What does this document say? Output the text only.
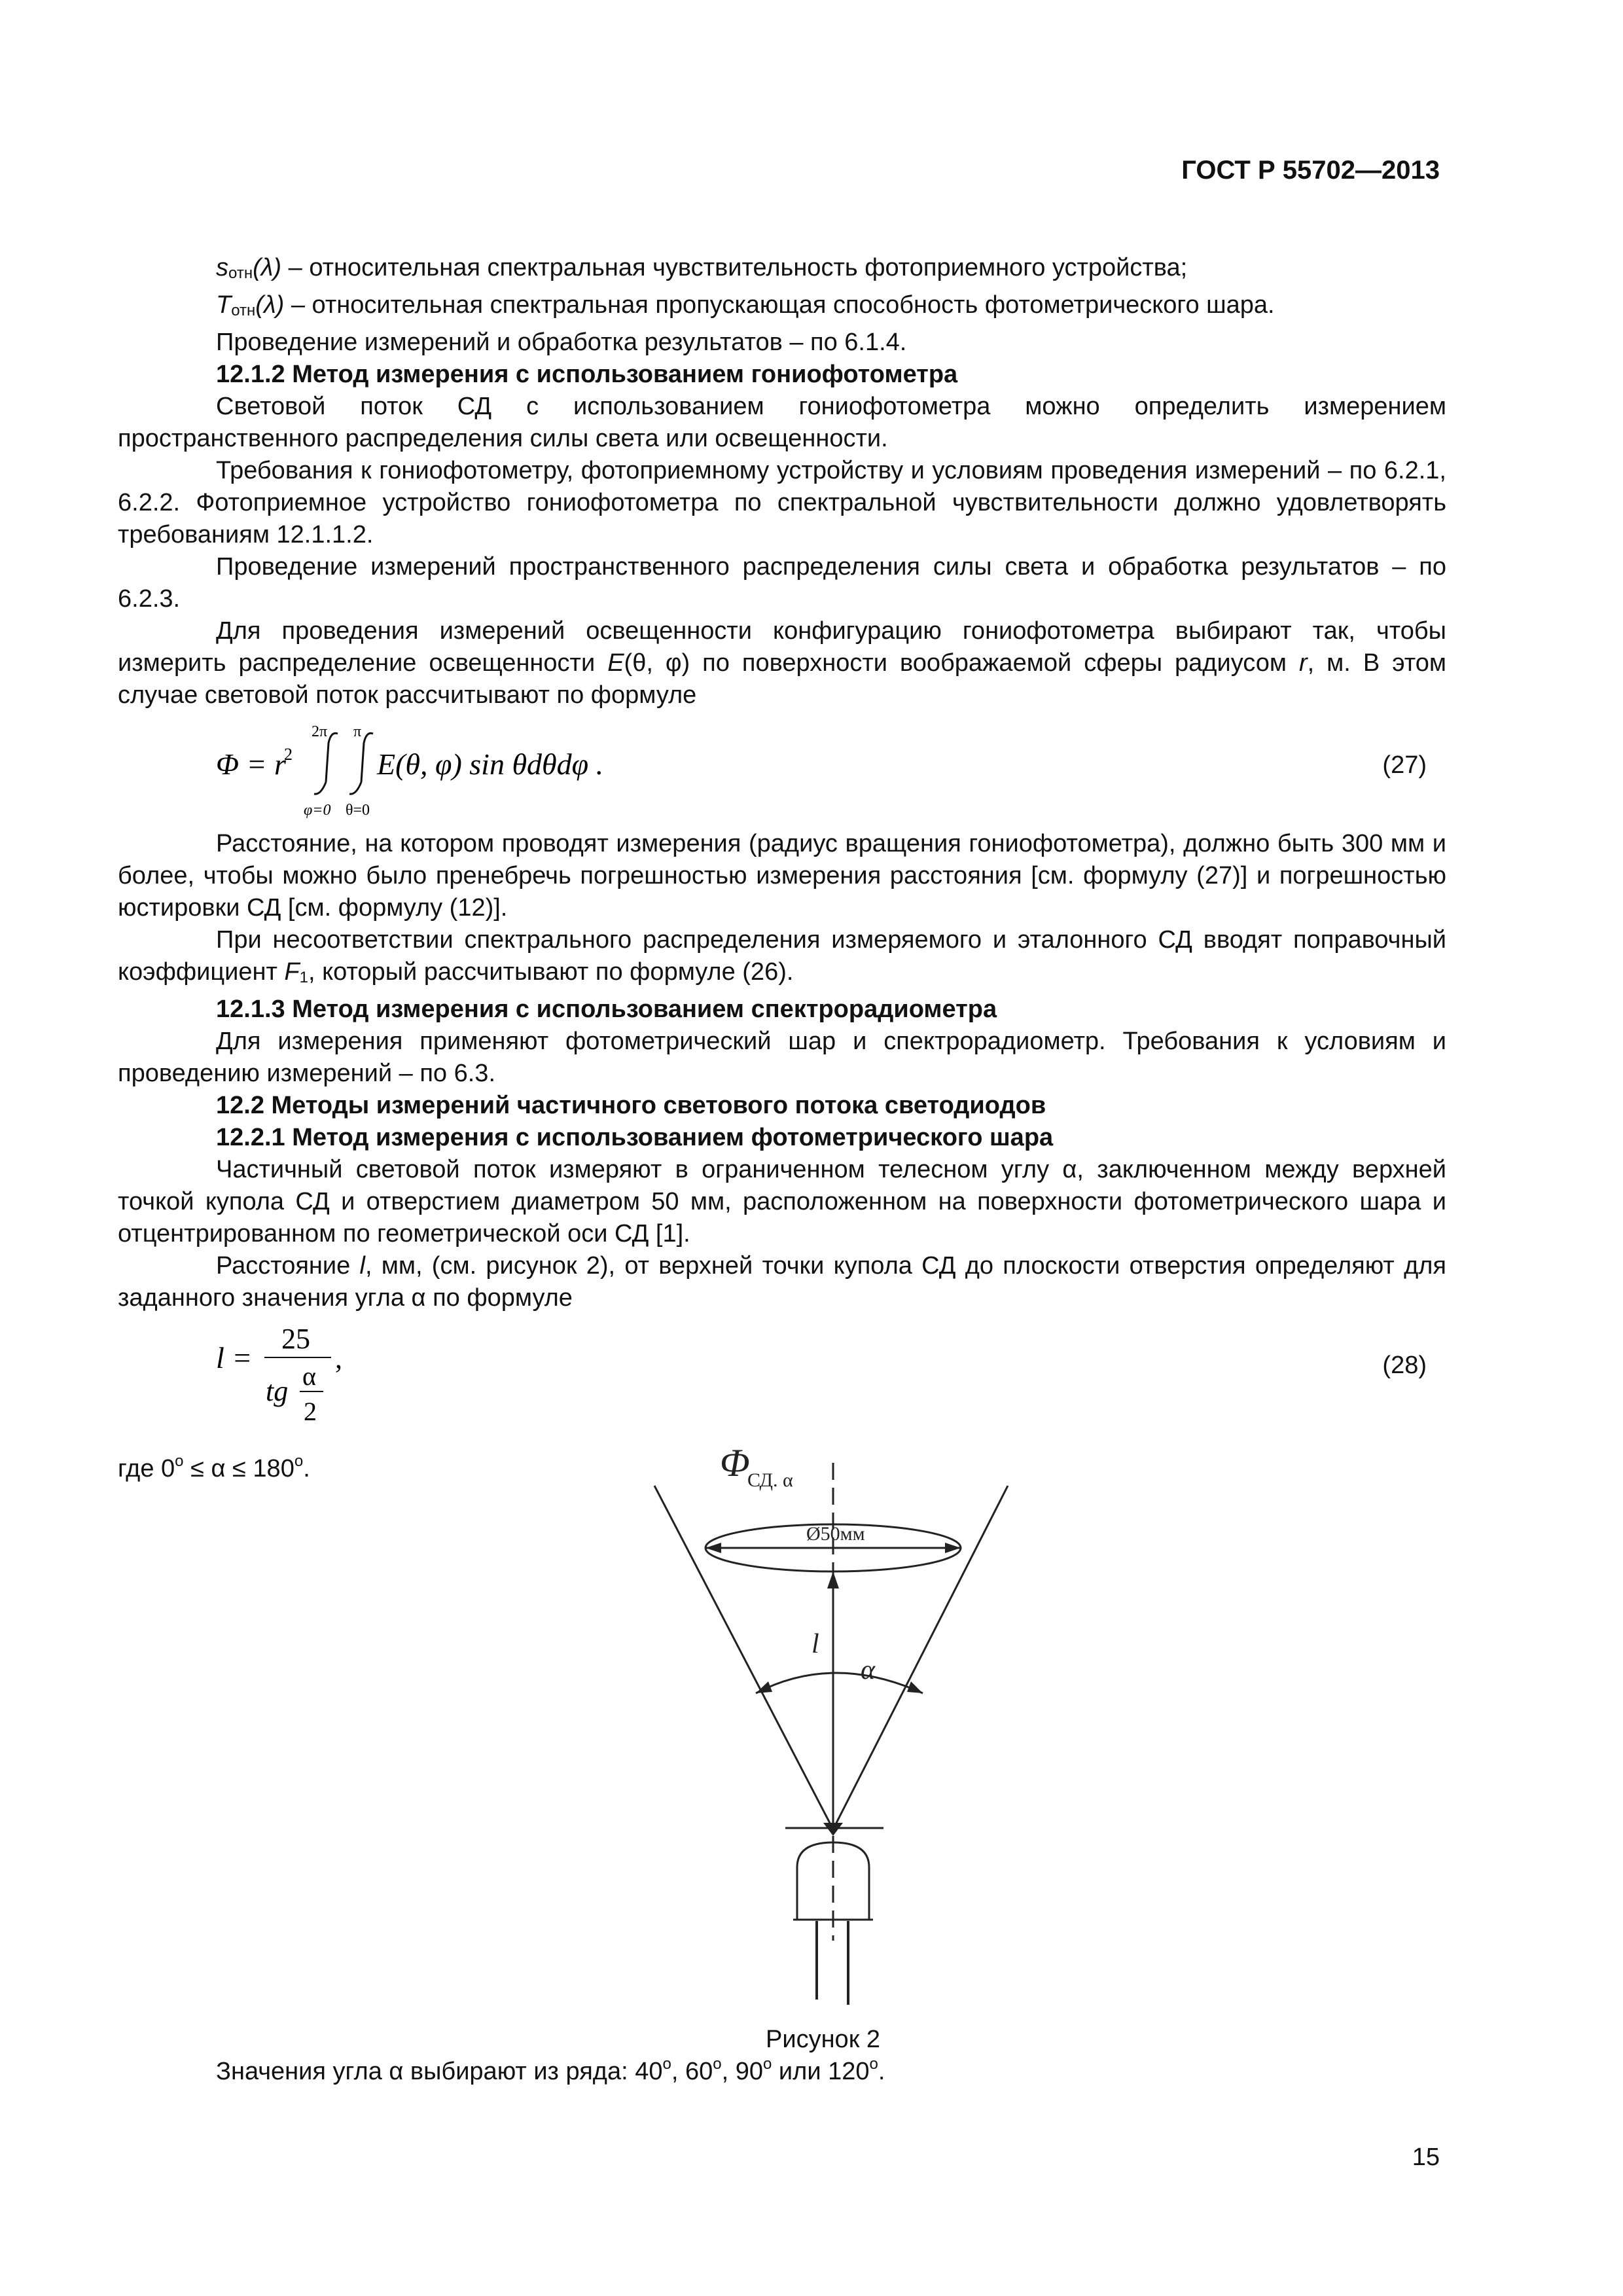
ГОСТ Р 55702—2013

sотн(λ) – относительная спектральная чувствительность фотоприемного устройства;

Tотн(λ) – относительная спектральная пропускающая способность фотометрического шара.

Проведение измерений и обработка результатов – по 6.1.4.

12.1.2 Метод измерения с использованием гониофотометра

Световой поток СД с использованием гониофотометра можно определить измерением пространственного распределения силы света или освещенности.

Требования к гониофотометру, фотоприемному устройству и условиям проведения измерений – по 6.2.1, 6.2.2. Фотоприемное устройство гониофотометра по спектральной чувствительности должно удовлетворять требованиям 12.1.1.2.

Проведение измерений пространственного распределения силы света и обработка результатов – по 6.2.3.

Для проведения измерений освещенности конфигурацию гониофотометра выбирают так, чтобы измерить распределение освещенности E(θ, φ) по поверхности воображаемой сферы радиусом r, м. В этом случае световой поток рассчитывают по формуле

Φ = r
2
2π π
φ=0 θ=0
E(θ, φ) sin θdθdφ .	(27)

Расстояние, на котором проводят измерения (радиус вращения гониофотометра), должно быть 300 мм и более, чтобы можно было пренебречь погрешностью измерения расстояния [см. формулу (27)] и погрешностью юстировки СД [см. формулу (12)].

При несоответствии спектрального распределения измеряемого и эталонного СД вводят поправочный коэффициент F1, который рассчитывают по формуле (26).

12.1.3 Метод измерения с использованием спектрорадиометра

Для измерения применяют фотометрический шар и спектрорадиометр. Требования к условиям и проведению измерений – по 6.3.

12.2 Методы измерений частичного светового потока светодиодов

12.2.1 Метод измерения с использованием фотометрического шара

Частичный световой поток измеряют в ограниченном телесном углу α, заключенном между верхней точкой купола СД и отверстием диаметром 50 мм, расположенном на поверхности фотометрического шара и отцентрированном по геометрической оси СД [1].

Расстояние l, мм, (см. рисунок 2), от верхней точки купола СД до плоскости отверстия определяют для заданного значения угла α по формуле

l =
25
tg α
2
,	(28)

где $0^o \le \alpha \le 180^o$.	Φ
СД. α
Ø50мм
l
α
Рисунок 2
Значения угла α выбирают из ряда: 40$^o$, 60$^o$, 90$^o$ или 120$^o$.
15
